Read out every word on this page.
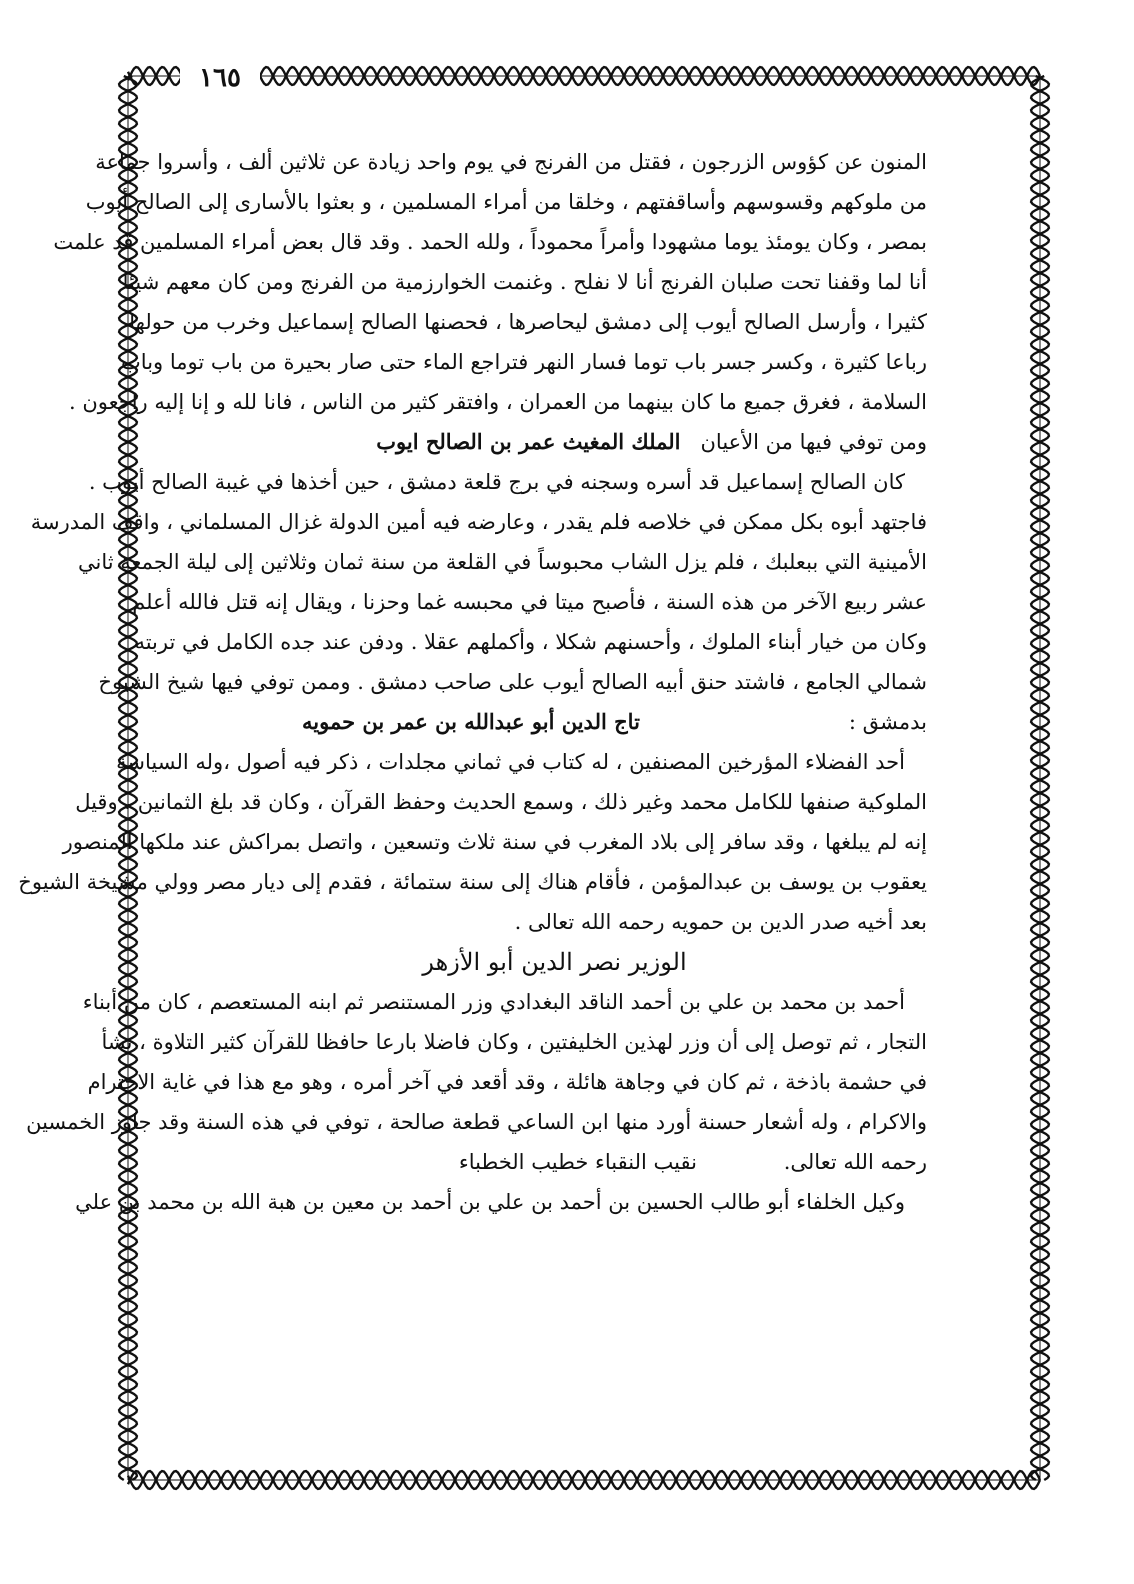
١٦٥
المنون عن كؤوس الزرجون ، فقتل من الفرنج في يوم واحد زيادة عن ثلاثين ألف ، وأسروا جماعة
من ملوكهم وقسوسهم وأساقفتهم ، وخلقا من أمراء المسلمين ، و بعثوا بالأسارى إلى الصالح أيوب
بمصر ، وكان يومئذ يوما مشهودا وأمراً محموداً ، ولله الحمد . وقد قال بعض أمراء المسلمين قد علمت
أنا لما وقفنا تحت صلبان الفرنج أنا لا نفلح . وغنمت الخوارزمية من الفرنج ومن كان معهم شيئا
كثيرا ، وأرسل الصالح أيوب إلى دمشق ليحاصرها ، فحصنها الصالح إسماعيل وخرب من حولها
رباعا كثيرة ، وكسر جسر باب توما فسار النهر فتراجع الماء حتى صار بحيرة من باب توما وباب
السلامة ، فغرق جميع ما كان بينهما من العمران ، وافتقر كثير من الناس ، فانا لله و إنا إليه راجعون .
ومن توفي فيها من الأعيان   الملك المغيث عمر بن الصالح ايوب
كان الصالح إسماعيل قد أسره وسجنه في برج قلعة دمشق ، حين أخذها في غيبة الصالح أيوب .
فاجتهد أبوه بكل ممكن في خلاصه فلم يقدر ، وعارضه فيه أمين الدولة غزال المسلماني ، واقف المدرسة
الأمينية التي ببعلبك ، فلم يزل الشاب محبوساً في القلعة من سنة ثمان وثلاثين إلى ليلة الجمعة ثاني
عشر ربيع الآخر من هذه السنة ، فأصبح ميتا في محبسه غما وحزنا ، ويقال إنه قتل فالله أعلم .
وكان من خيار أبناء الملوك ، وأحسنهم شكلا ، وأكملهم عقلا . ودفن عند جده الكامل في تربته
شمالي الجامع ، فاشتد حنق أبيه الصالح أيوب على صاحب دمشق . وممن توفي فيها شيخ الشيوخ
بدمشق :
تاج الدين أبو عبدالله بن عمر بن حمويه
أحد الفضلاء المؤرخين المصنفين ، له كتاب في ثماني مجلدات ، ذكر فيه أصول ،وله السياسة
الملوكية صنفها للكامل محمد وغير ذلك ، وسمع الحديث وحفظ القرآن ، وكان قد بلغ الثمانين ، وقيل
إنه لم يبلغها ، وقد سافر إلى بلاد المغرب في سنة ثلاث وتسعين ، واتصل بمراكش عند ملكها المنصور
يعقوب بن يوسف بن عبدالمؤمن ، فأقام هناك إلى سنة ستمائة ، فقدم إلى ديار مصر وولي مشيخة الشيوخ
بعد أخيه صدر الدين بن حمويه رحمه الله تعالى .
الوزير نصر الدين أبو الأزهر
أحمد بن محمد بن علي بن أحمد الناقد البغدادي وزر المستنصر ثم ابنه المستعصم ، كان من أبناء
التجار ، ثم توصل إلى أن وزر لهذين الخليفتين ، وكان فاضلا بارعا حافظا للقرآن كثير التلاوة ، نشأ
في حشمة باذخة ، ثم كان في وجاهة هائلة ، وقد أقعد في آخر أمره ، وهو مع هذا في غاية الاحترام
والاكرام ، وله أشعار حسنة أورد منها ابن الساعي قطعة صالحة ، توفي في هذه السنة وقد جاوز الخمسين
رحمه الله تعالى.             نقيب النقباء خطيب الخطباء
وكيل الخلفاء أبو طالب الحسين بن أحمد بن علي بن أحمد بن معين بن هبة الله بن محمد بن علي
